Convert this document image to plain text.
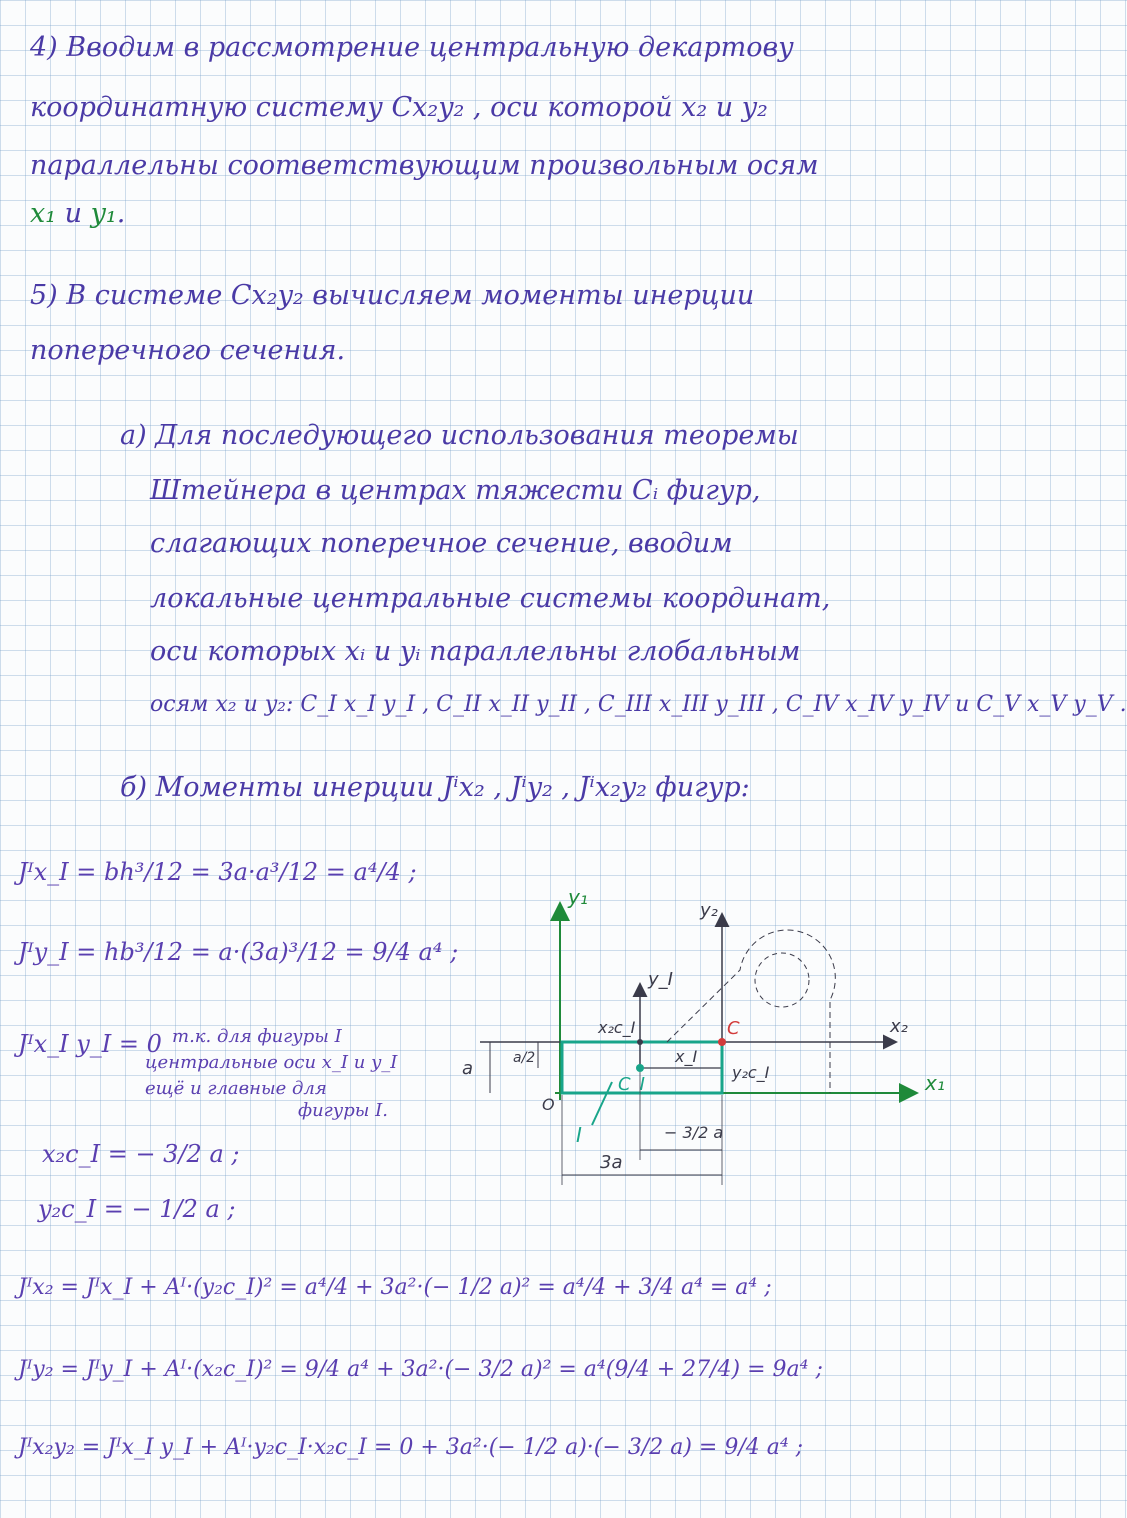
4) Вводим в рассмотрение центральную декартову
координатную систему Cx₂y₂ , оси которой x₂ и y₂
параллельны соответствующим произвольным осям
x₁ и y₁.
5) В системе Cx₂y₂ вычисляем моменты инерции
поперечного сечения.
а) Для последующего использования теоремы
Штейнера в центрах тяжести Cᵢ фигур,
слагающих поперечное сечение, вводим
локальные центральные системы координат,
оси которых xᵢ и yᵢ параллельны глобальным
осям x₂ и y₂: C_I x_I y_I , C_II x_II y_II , C_III x_III y_III , C_IV x_IV y_IV и C_V x_V y_V .
б) Моменты инерции Jⁱx₂ , Jⁱy₂ , Jⁱx₂y₂ фигур:
Jᴵx_I = bh³/12 = 3a·a³/12 = a⁴/4 ;
Jᴵy_I = hb³/12 = a·(3a)³/12 = 9/4 a⁴ ;
Jᴵx_I y_I = 0 т.к. для фигуры I
центральные оси x_I и y_I
ещё и главные для
фигуры I.
x₂c_I = − 3/2 a ;
y₂c_I = − 1/2 a ;
Jᴵx₂ = Jᴵx_I + Aᴵ·(y₂c_I)² = a⁴/4 + 3a²·(− 1/2 a)² = a⁴/4 + 3/4 a⁴ = a⁴ ;
Jᴵy₂ = Jᴵy_I + Aᴵ·(x₂c_I)² = 9/4 a⁴ + 3a²·(− 3/2 a)² = a⁴(9/4 + 27/4) = 9a⁴ ;
Jᴵx₂y₂ = Jᴵx_I y_I + Aᴵ·y₂c_I·x₂c_I = 0 + 3a²·(− 1/2 a)·(− 3/2 a) = 9/4 a⁴ ;
y₁
y₂
y_I
x₂
x₁
x_I
x₂c_I
y₂c_I
C
C_I
O
I
a	a/2
− 3/2 a
3a
